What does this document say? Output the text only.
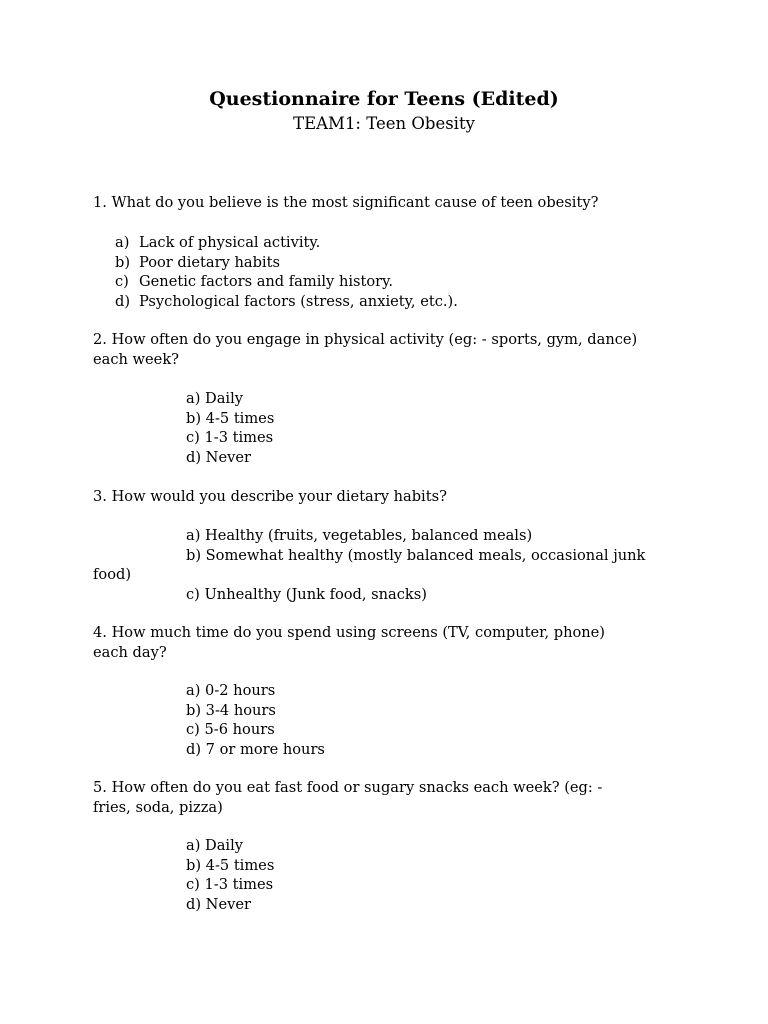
Questionnaire for Teens (Edited)
TEAM1: Teen Obesity

1. What do you believe is the most significant cause of teen obesity?

a) Lack of physical activity.
b) Poor dietary habits
c) Genetic factors and family history.
d) Psychological factors (stress, anxiety, etc.).

2. How often do you engage in physical activity (eg: - sports, gym, dance)
each week?

a) Daily
b) 4-5 times
c) 1-3 times
d) Never

3. How would you describe your dietary habits?

a) Healthy (fruits, vegetables, balanced meals)
b) Somewhat healthy (mostly balanced meals, occasional junk

food)

c) Unhealthy (Junk food, snacks)

4. How much time do you spend using screens (TV, computer, phone)
each day?

a) 0-2 hours
b) 3-4 hours
c) 5-6 hours
d) 7 or more hours

5. How often do you eat fast food or sugary snacks each week? (eg: -
fries, soda, pizza)

a) Daily
b) 4-5 times
c) 1-3 times
d) Never
